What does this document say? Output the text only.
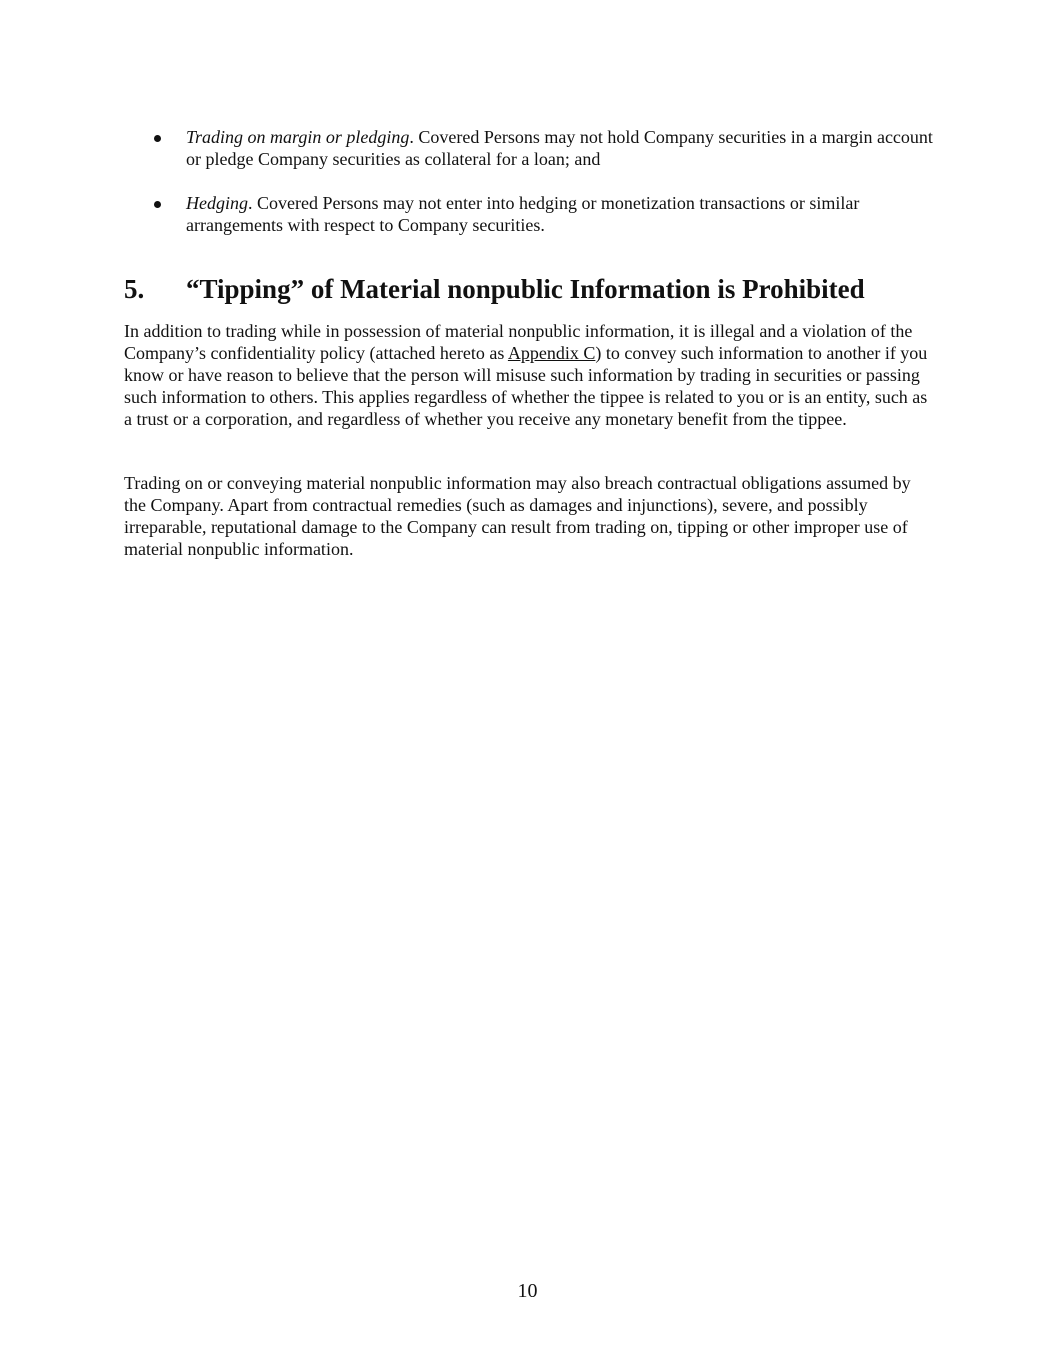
Trading on margin or pledging. Covered Persons may not hold Company securities in a margin account or pledge Company securities as collateral for a loan; and
Hedging. Covered Persons may not enter into hedging or monetization transactions or similar arrangements with respect to Company securities.
5. “Tipping” of Material nonpublic Information is Prohibited

In addition to trading while in possession of material nonpublic information, it is illegal and a violation of the Company’s confidentiality policy (attached hereto as Appendix C) to convey such information to another if you know or have reason to believe that the person will misuse such information by trading in securities or passing such information to others. This applies regardless of whether the tippee is related to you or is an entity, such as a trust or a corporation, and regardless of whether you receive any monetary benefit from the tippee.

Trading on or conveying material nonpublic information may also breach contractual obligations assumed by the Company. Apart from contractual remedies (such as damages and injunctions), severe, and possibly irreparable, reputational damage to the Company can result from trading on, tipping or other improper use of material nonpublic information.

10
